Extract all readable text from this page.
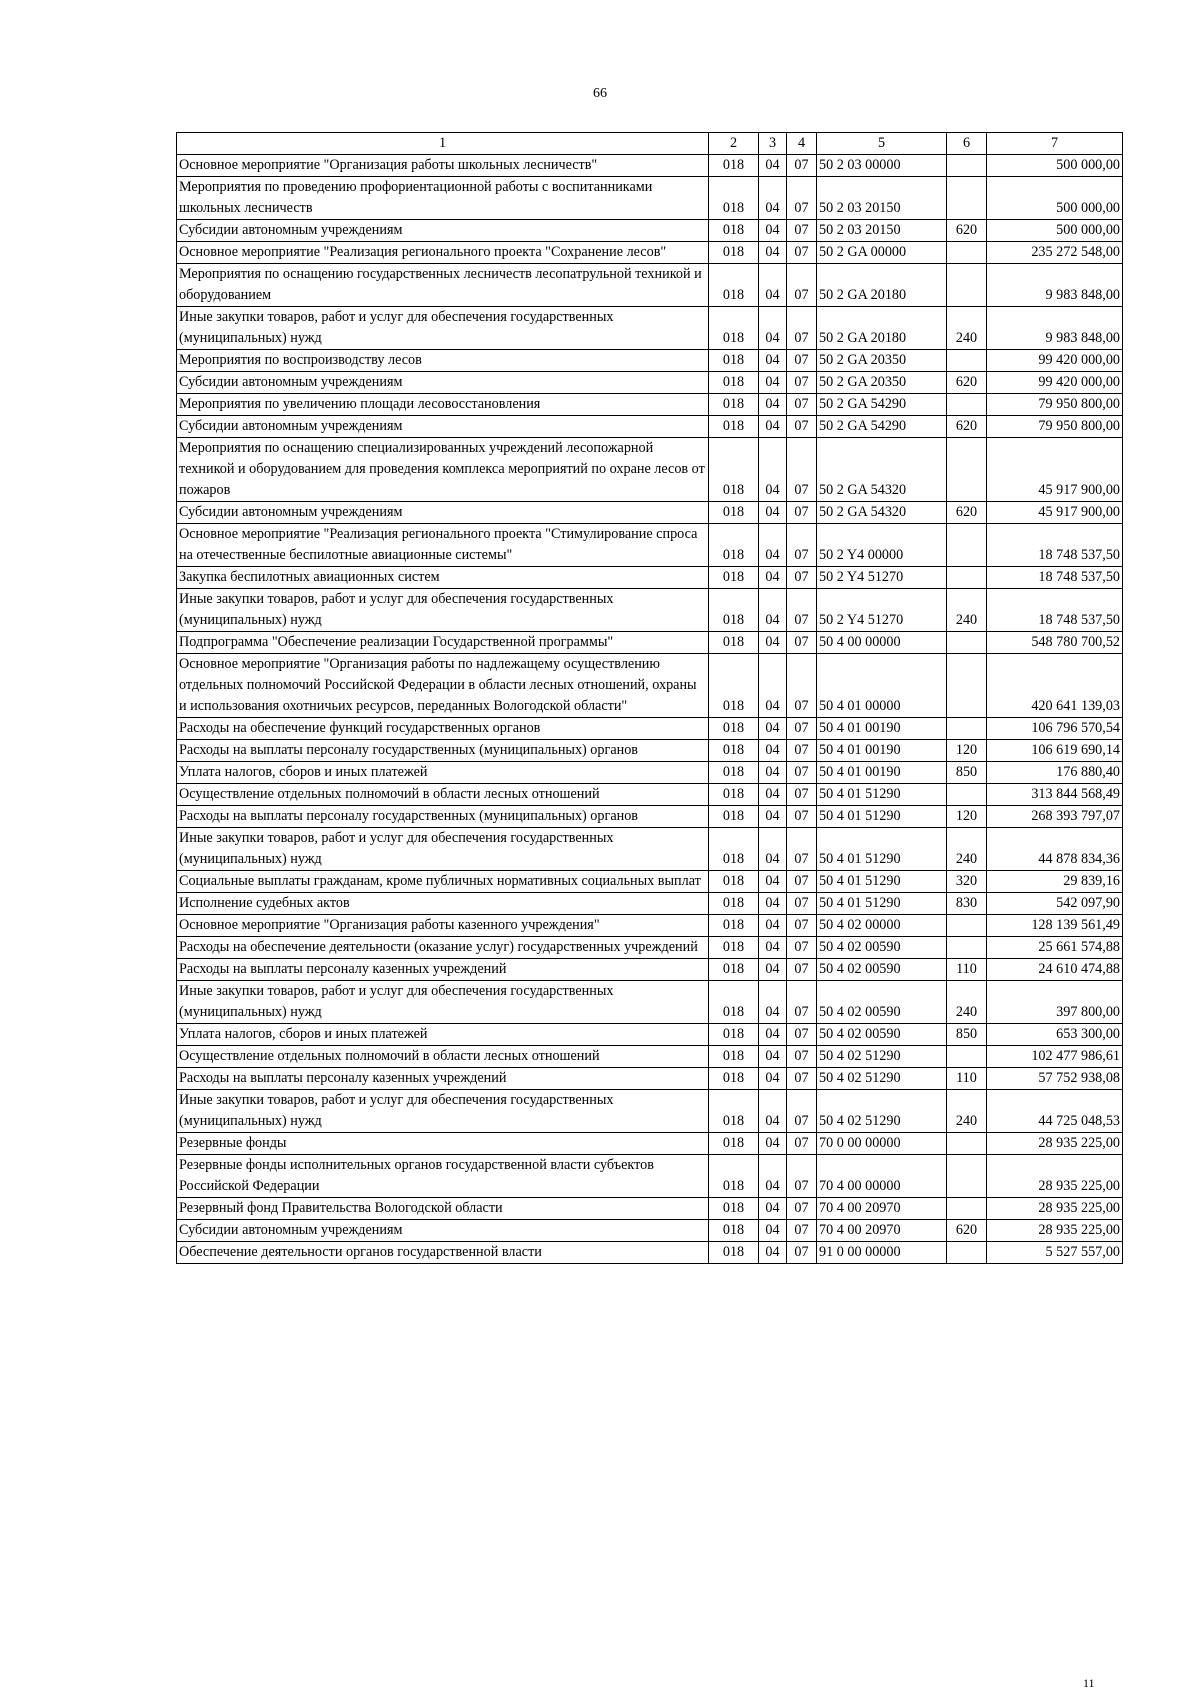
66
1	2	3	4	5	6	7
Основное мероприятие "Организация работы школьных лесничеств"	018	04	07	50 2 03 00000		500 000,00
Мероприятия по проведению профориентационной работы с воспитанниками школьных лесничеств	018	04	07	50 2 03 20150		500 000,00
Субсидии автономным учреждениям	018	04	07	50 2 03 20150	620	500 000,00
Основное мероприятие "Реализация регионального проекта "Сохранение лесов"	018	04	07	50 2 GA 00000		235 272 548,00
Мероприятия по оснащению государственных лесничеств лесопатрульной техникой и оборудованием	018	04	07	50 2 GA 20180		9 983 848,00
Иные закупки товаров, работ и услуг для обеспечения государственных (муниципальных) нужд	018	04	07	50 2 GA 20180	240	9 983 848,00
Мероприятия по воспроизводству лесов	018	04	07	50 2 GA 20350		99 420 000,00
Субсидии автономным учреждениям	018	04	07	50 2 GA 20350	620	99 420 000,00
Мероприятия по увеличению площади лесовосстановления	018	04	07	50 2 GA 54290		79 950 800,00
Субсидии автономным учреждениям	018	04	07	50 2 GA 54290	620	79 950 800,00
Мероприятия по оснащению специализированных учреждений лесопожарной техникой и оборудованием для проведения комплекса мероприятий по охране лесов от пожаров	018	04	07	50 2 GA 54320		45 917 900,00
Субсидии автономным учреждениям	018	04	07	50 2 GA 54320	620	45 917 900,00
Основное мероприятие "Реализация регионального проекта "Стимулирование спроса на отечественные беспилотные авиационные системы"	018	04	07	50 2 Y4 00000		18 748 537,50
Закупка беспилотных авиационных систем	018	04	07	50 2 Y4 51270		18 748 537,50
Иные закупки товаров, работ и услуг для обеспечения государственных (муниципальных) нужд	018	04	07	50 2 Y4 51270	240	18 748 537,50
Подпрограмма "Обеспечение реализации Государственной программы"	018	04	07	50 4 00 00000		548 780 700,52
Основное мероприятие "Организация работы по надлежащему осуществлению отдельных полномочий Российской Федерации в области лесных отношений, охраны и использования охотничьих ресурсов, переданных Вологодской области"	018	04	07	50 4 01 00000		420 641 139,03
Расходы на обеспечение функций государственных органов	018	04	07	50 4 01 00190		106 796 570,54
Расходы на выплаты персоналу государственных (муниципальных) органов	018	04	07	50 4 01 00190	120	106 619 690,14
Уплата налогов, сборов и иных платежей	018	04	07	50 4 01 00190	850	176 880,40
Осуществление отдельных полномочий в области лесных отношений	018	04	07	50 4 01 51290		313 844 568,49
Расходы на выплаты персоналу государственных (муниципальных) органов	018	04	07	50 4 01 51290	120	268 393 797,07
Иные закупки товаров, работ и услуг для обеспечения государственных (муниципальных) нужд	018	04	07	50 4 01 51290	240	44 878 834,36
Социальные выплаты гражданам, кроме публичных нормативных социальных выплат	018	04	07	50 4 01 51290	320	29 839,16
Исполнение судебных актов	018	04	07	50 4 01 51290	830	542 097,90
Основное мероприятие "Организация работы казенного учреждения"	018	04	07	50 4 02 00000		128 139 561,49
Расходы на обеспечение деятельности (оказание услуг) государственных учреждений	018	04	07	50 4 02 00590		25 661 574,88
Расходы на выплаты персоналу казенных учреждений	018	04	07	50 4 02 00590	110	24 610 474,88
Иные закупки товаров, работ и услуг для обеспечения государственных (муниципальных) нужд	018	04	07	50 4 02 00590	240	397 800,00
Уплата налогов, сборов и иных платежей	018	04	07	50 4 02 00590	850	653 300,00
Осуществление отдельных полномочий в области лесных отношений	018	04	07	50 4 02 51290		102 477 986,61
Расходы на выплаты персоналу казенных учреждений	018	04	07	50 4 02 51290	110	57 752 938,08
Иные закупки товаров, работ и услуг для обеспечения государственных (муниципальных) нужд	018	04	07	50 4 02 51290	240	44 725 048,53
Резервные фонды	018	04	07	70 0 00 00000		28 935 225,00
Резервные фонды исполнительных органов государственной власти субъектов Российской Федерации	018	04	07	70 4 00 00000		28 935 225,00
Резервный фонд Правительства Вологодской области	018	04	07	70 4 00 20970		28 935 225,00
Субсидии автономным учреждениям	018	04	07	70 4 00 20970	620	28 935 225,00
Обеспечение деятельности органов государственной власти	018	04	07	91 0 00 00000		5 527 557,00
11
